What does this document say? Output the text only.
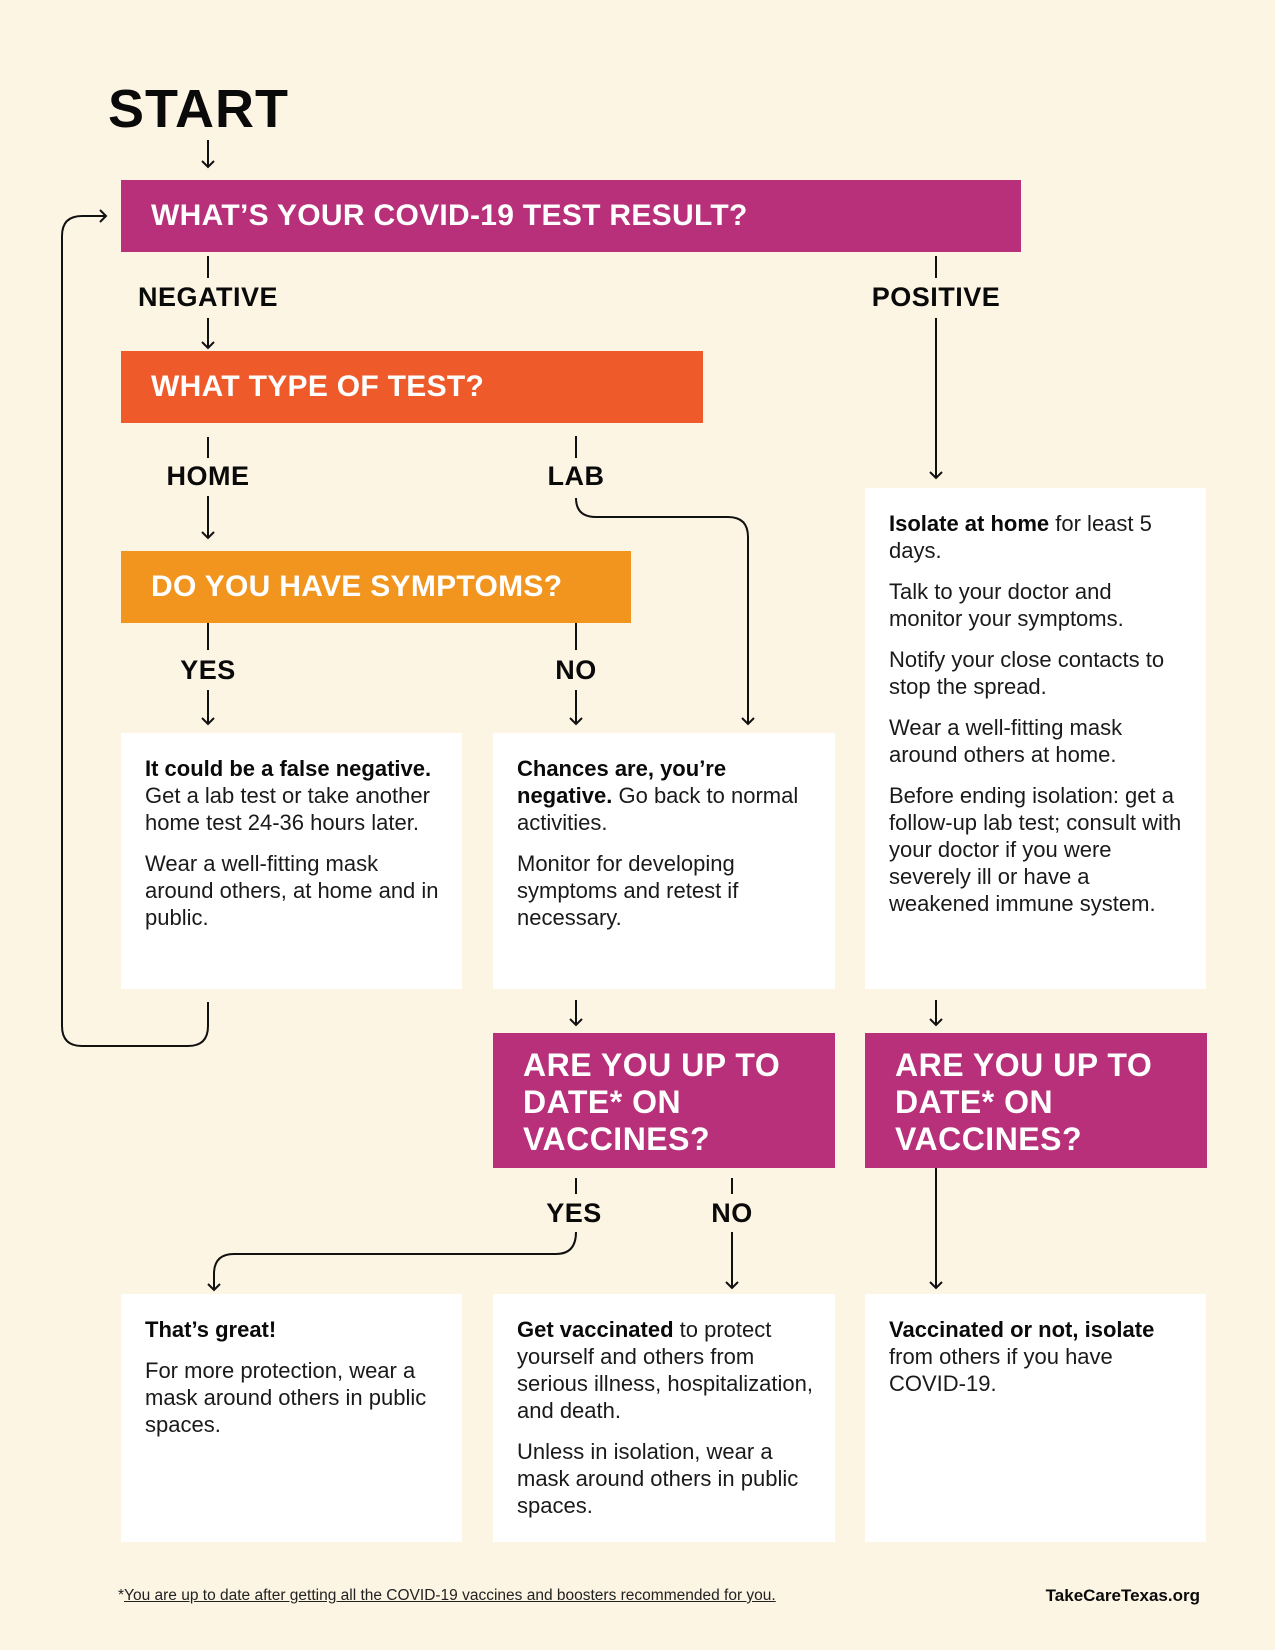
START
WHAT’S YOUR COVID-19 TEST RESULT?
NEGATIVE	POSITIVE
WHAT TYPE OF TEST?
HOME	LAB
DO YOU HAVE SYMPTOMS?
YES	NO

It could be a false negative. Get a lab test or take another home test 24-36 hours later.

Wear a well-fitting mask around others, at home and in public.

Chances are, you’re negative. Go back to normal activities.

Monitor for developing symptoms and retest if necessary.

Isolate at home for least 5 days.

Talk to your doctor and monitor your symptoms.

Notify your close contacts to stop the spread.

Wear a well-fitting mask around others at home.

Before ending isolation: get a follow-up lab test; consult with your doctor if you were severely ill or have a weakened immune system.

ARE YOU UP TO DATE* ON VACCINES?
ARE YOU UP TO DATE* ON VACCINES?
YES	NO

That’s great!

For more protection, wear a mask around others in public spaces.

Get vaccinated to protect yourself and others from serious illness, hospitalization, and death.

Unless in isolation, wear a mask around others in public spaces.

Vaccinated or not, isolate from others if you have COVID-19.

*You are up to date after getting all the COVID-19 vaccines and boosters recommended for you.	TakeCareTexas.org
